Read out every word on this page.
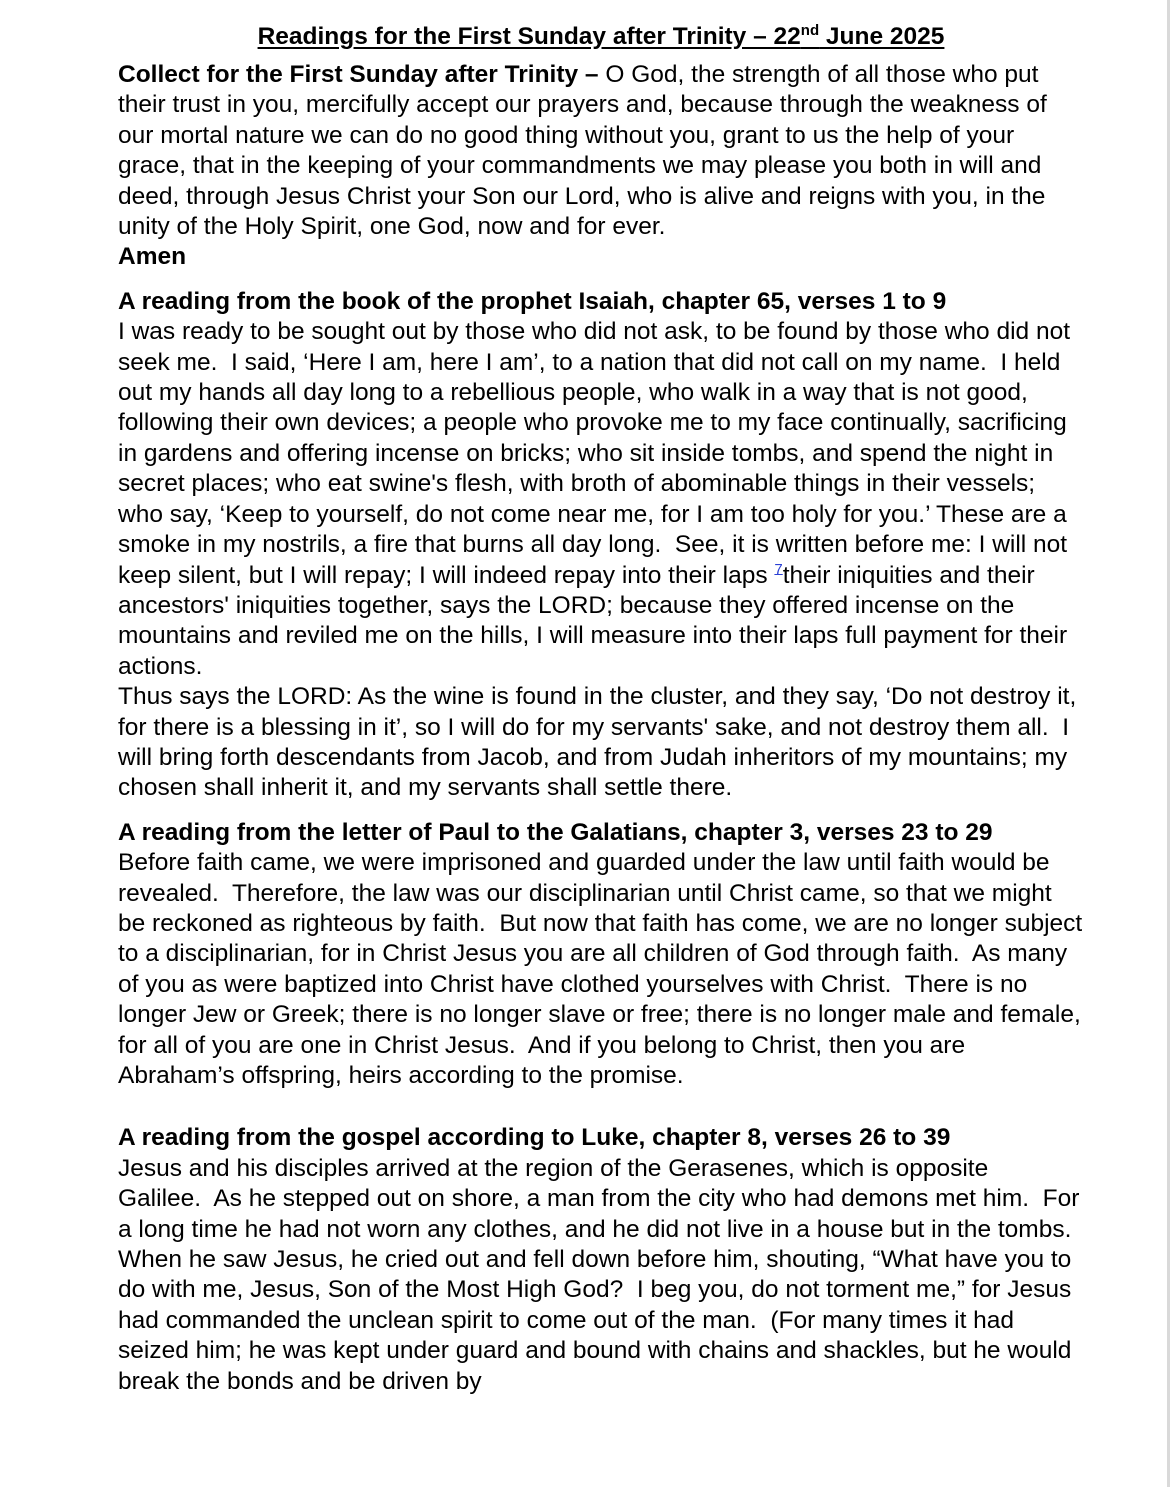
Readings for the First Sunday after Trinity – 22nd June 2025

Collect for the First Sunday after Trinity – O God, the strength of all those who put their trust in you, mercifully accept our prayers and, because through the weakness of our mortal nature we can do no good thing without you, grant to us the help of your grace, that in the keeping of your commandments we may please you both in will and deed, through Jesus Christ your Son our Lord, who is alive and reigns with you, in the unity of the Holy Spirit, one God, now and for ever.

Amen

A reading from the book of the prophet Isaiah, chapter 65, verses 1 to 9

I was ready to be sought out by those who did not ask, to be found by those who did not seek me.  I said, ‘Here I am, here I am’, to a nation that did not call on my name.  I held out my hands all day long to a rebellious people, who walk in a way that is not good, following their own devices; a people who provoke me to my face continually, sacrificing in gardens and offering incense on bricks; who sit inside tombs, and spend the night in secret places; who eat swine's flesh, with broth of abominable things in their vessels; who say, ‘Keep to yourself, do not come near me, for I am too holy for you.’ These are a smoke in my nostrils, a fire that burns all day long.  See, it is written before me: I will not keep silent, but I will repay; I will indeed repay into their laps $^7$their iniquities and their ancestors' iniquities together, says the LORD; because they offered incense on the mountains and reviled me on the hills, I will measure into their laps full payment for their actions.

Thus says the LORD: As the wine is found in the cluster, and they say, ‘Do not destroy it, for there is a blessing in it’, so I will do for my servants' sake, and not destroy them all.  I will bring forth descendants from Jacob, and from Judah inheritors of my mountains; my chosen shall inherit it, and my servants shall settle there.

A reading from the letter of Paul to the Galatians, chapter 3, verses 23 to 29

Before faith came, we were imprisoned and guarded under the law until faith would be revealed.  Therefore, the law was our disciplinarian until Christ came, so that we might be reckoned as righteous by faith.  But now that faith has come, we are no longer subject to a disciplinarian, for in Christ Jesus you are all children of God through faith.  As many of you as were baptized into Christ have clothed yourselves with Christ.  There is no longer Jew or Greek; there is no longer slave or free; there is no longer male and female, for all of you are one in Christ Jesus.  And if you belong to Christ, then you are Abraham’s offspring, heirs according to the promise.

A reading from the gospel according to Luke, chapter 8, verses 26 to 39

Jesus and his disciples arrived at the region of the Gerasenes, which is opposite Galilee.  As he stepped out on shore, a man from the city who had demons met him.  For a long time he had not worn any clothes, and he did not live in a house but in the tombs.  When he saw Jesus, he cried out and fell down before him, shouting, “What have you to do with me, Jesus, Son of the Most High God?  I beg you, do not torment me,” for Jesus had commanded the unclean spirit to come out of the man.  (For many times it had seized him; he was kept under guard and bound with chains and shackles, but he would break the bonds and be driven by
